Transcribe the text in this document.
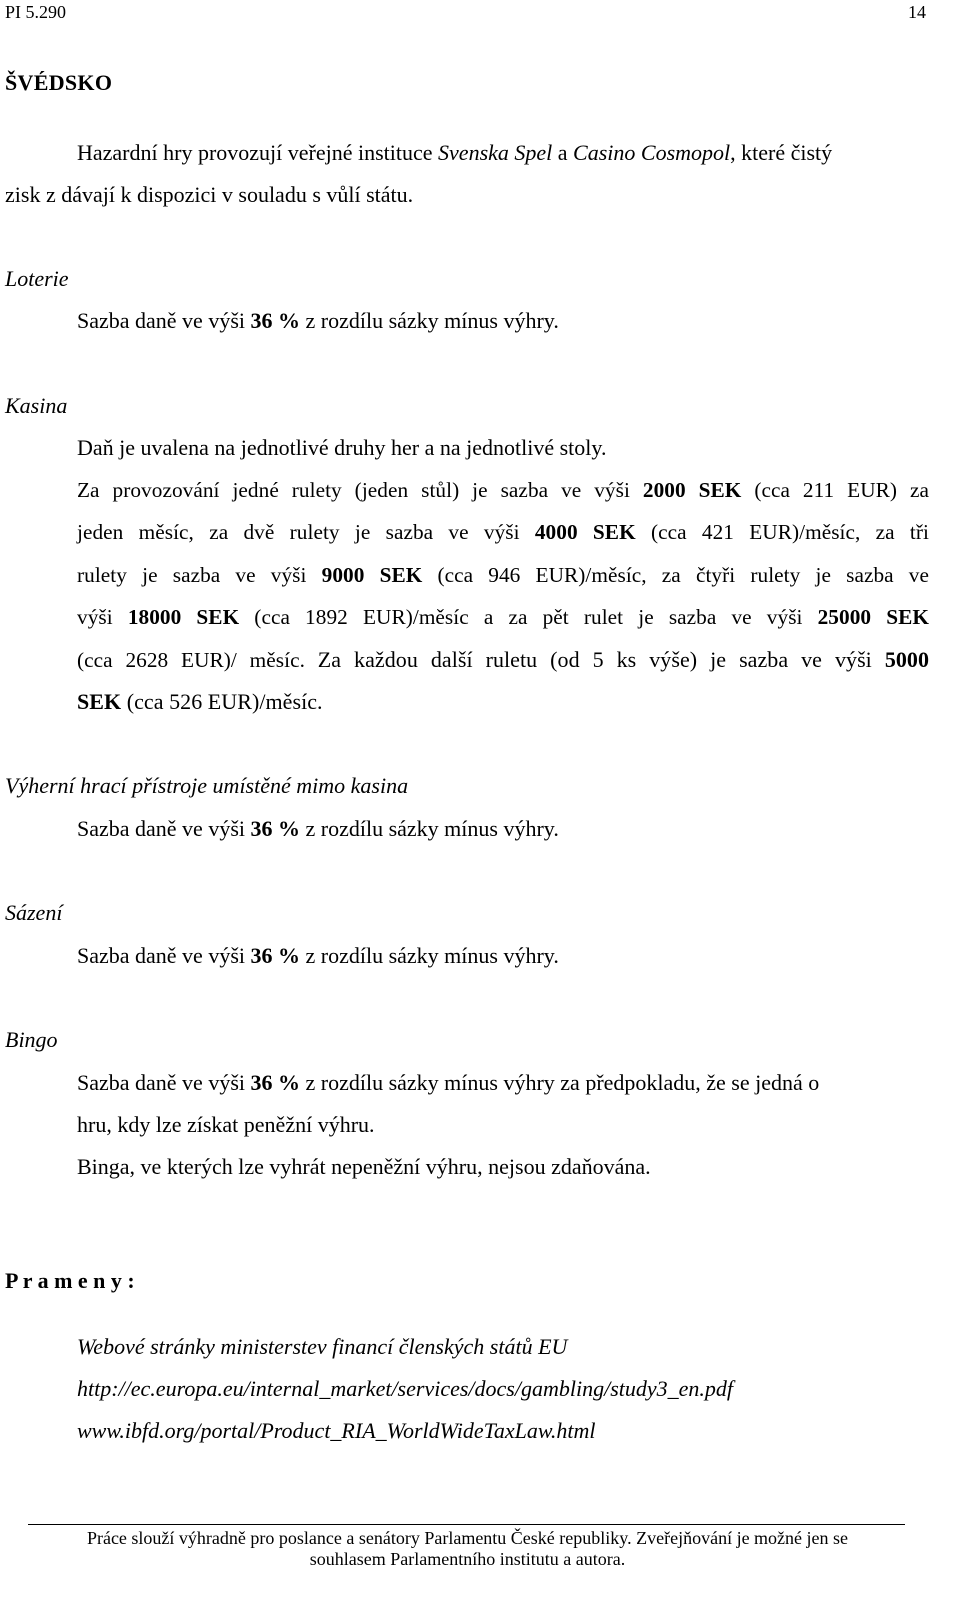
PI 5.290	14
ŠVÉDSKO
Hazardní hry provozují veřejné instituce Svenska Spel a Casino Cosmopol, které čistý
zisk z dávají k dispozici v souladu s vůlí státu.
Loterie
Sazba daně ve výši 36 % z rozdílu sázky mínus výhry.
Kasina
Daň je uvalena na jednotlivé druhy her a na jednotlivé stoly.
Za provozování jedné rulety (jeden stůl) je sazba ve výši 2000 SEK (cca 211 EUR) za
jeden měsíc, za dvě rulety je sazba ve výši 4000 SEK (cca 421 EUR)/měsíc, za tři
rulety je sazba ve výši 9000 SEK (cca 946 EUR)/měsíc, za čtyři rulety je sazba ve
výši 18000 SEK (cca 1892 EUR)/měsíc a za pět rulet je sazba ve výši 25000 SEK
(cca 2628 EUR)/ měsíc. Za každou další ruletu (od 5 ks výše) je sazba ve výši 5000
SEK (cca 526 EUR)/měsíc.
Výherní hrací přístroje umístěné mimo kasina
Sazba daně ve výši 36 % z rozdílu sázky mínus výhry.
Sázení
Sazba daně ve výši 36 % z rozdílu sázky mínus výhry.
Bingo
Sazba daně ve výši 36 % z rozdílu sázky mínus výhry za předpokladu, že se jedná o
hru, kdy lze získat peněžní výhru.
Binga, ve kterých lze vyhrát nepeněžní výhru, nejsou zdaňována.
P r a m e n y :
Webové stránky ministerstev financí členských států EU
http://ec.europa.eu/internal_market/services/docs/gambling/study3_en.pdf
www.ibfd.org/portal/Product_RIA_WorldWideTaxLaw.html
Práce slouží výhradně pro poslance a senátory Parlamentu České republiky. Zveřejňování je možné jen se
souhlasem Parlamentního institutu a autora.
